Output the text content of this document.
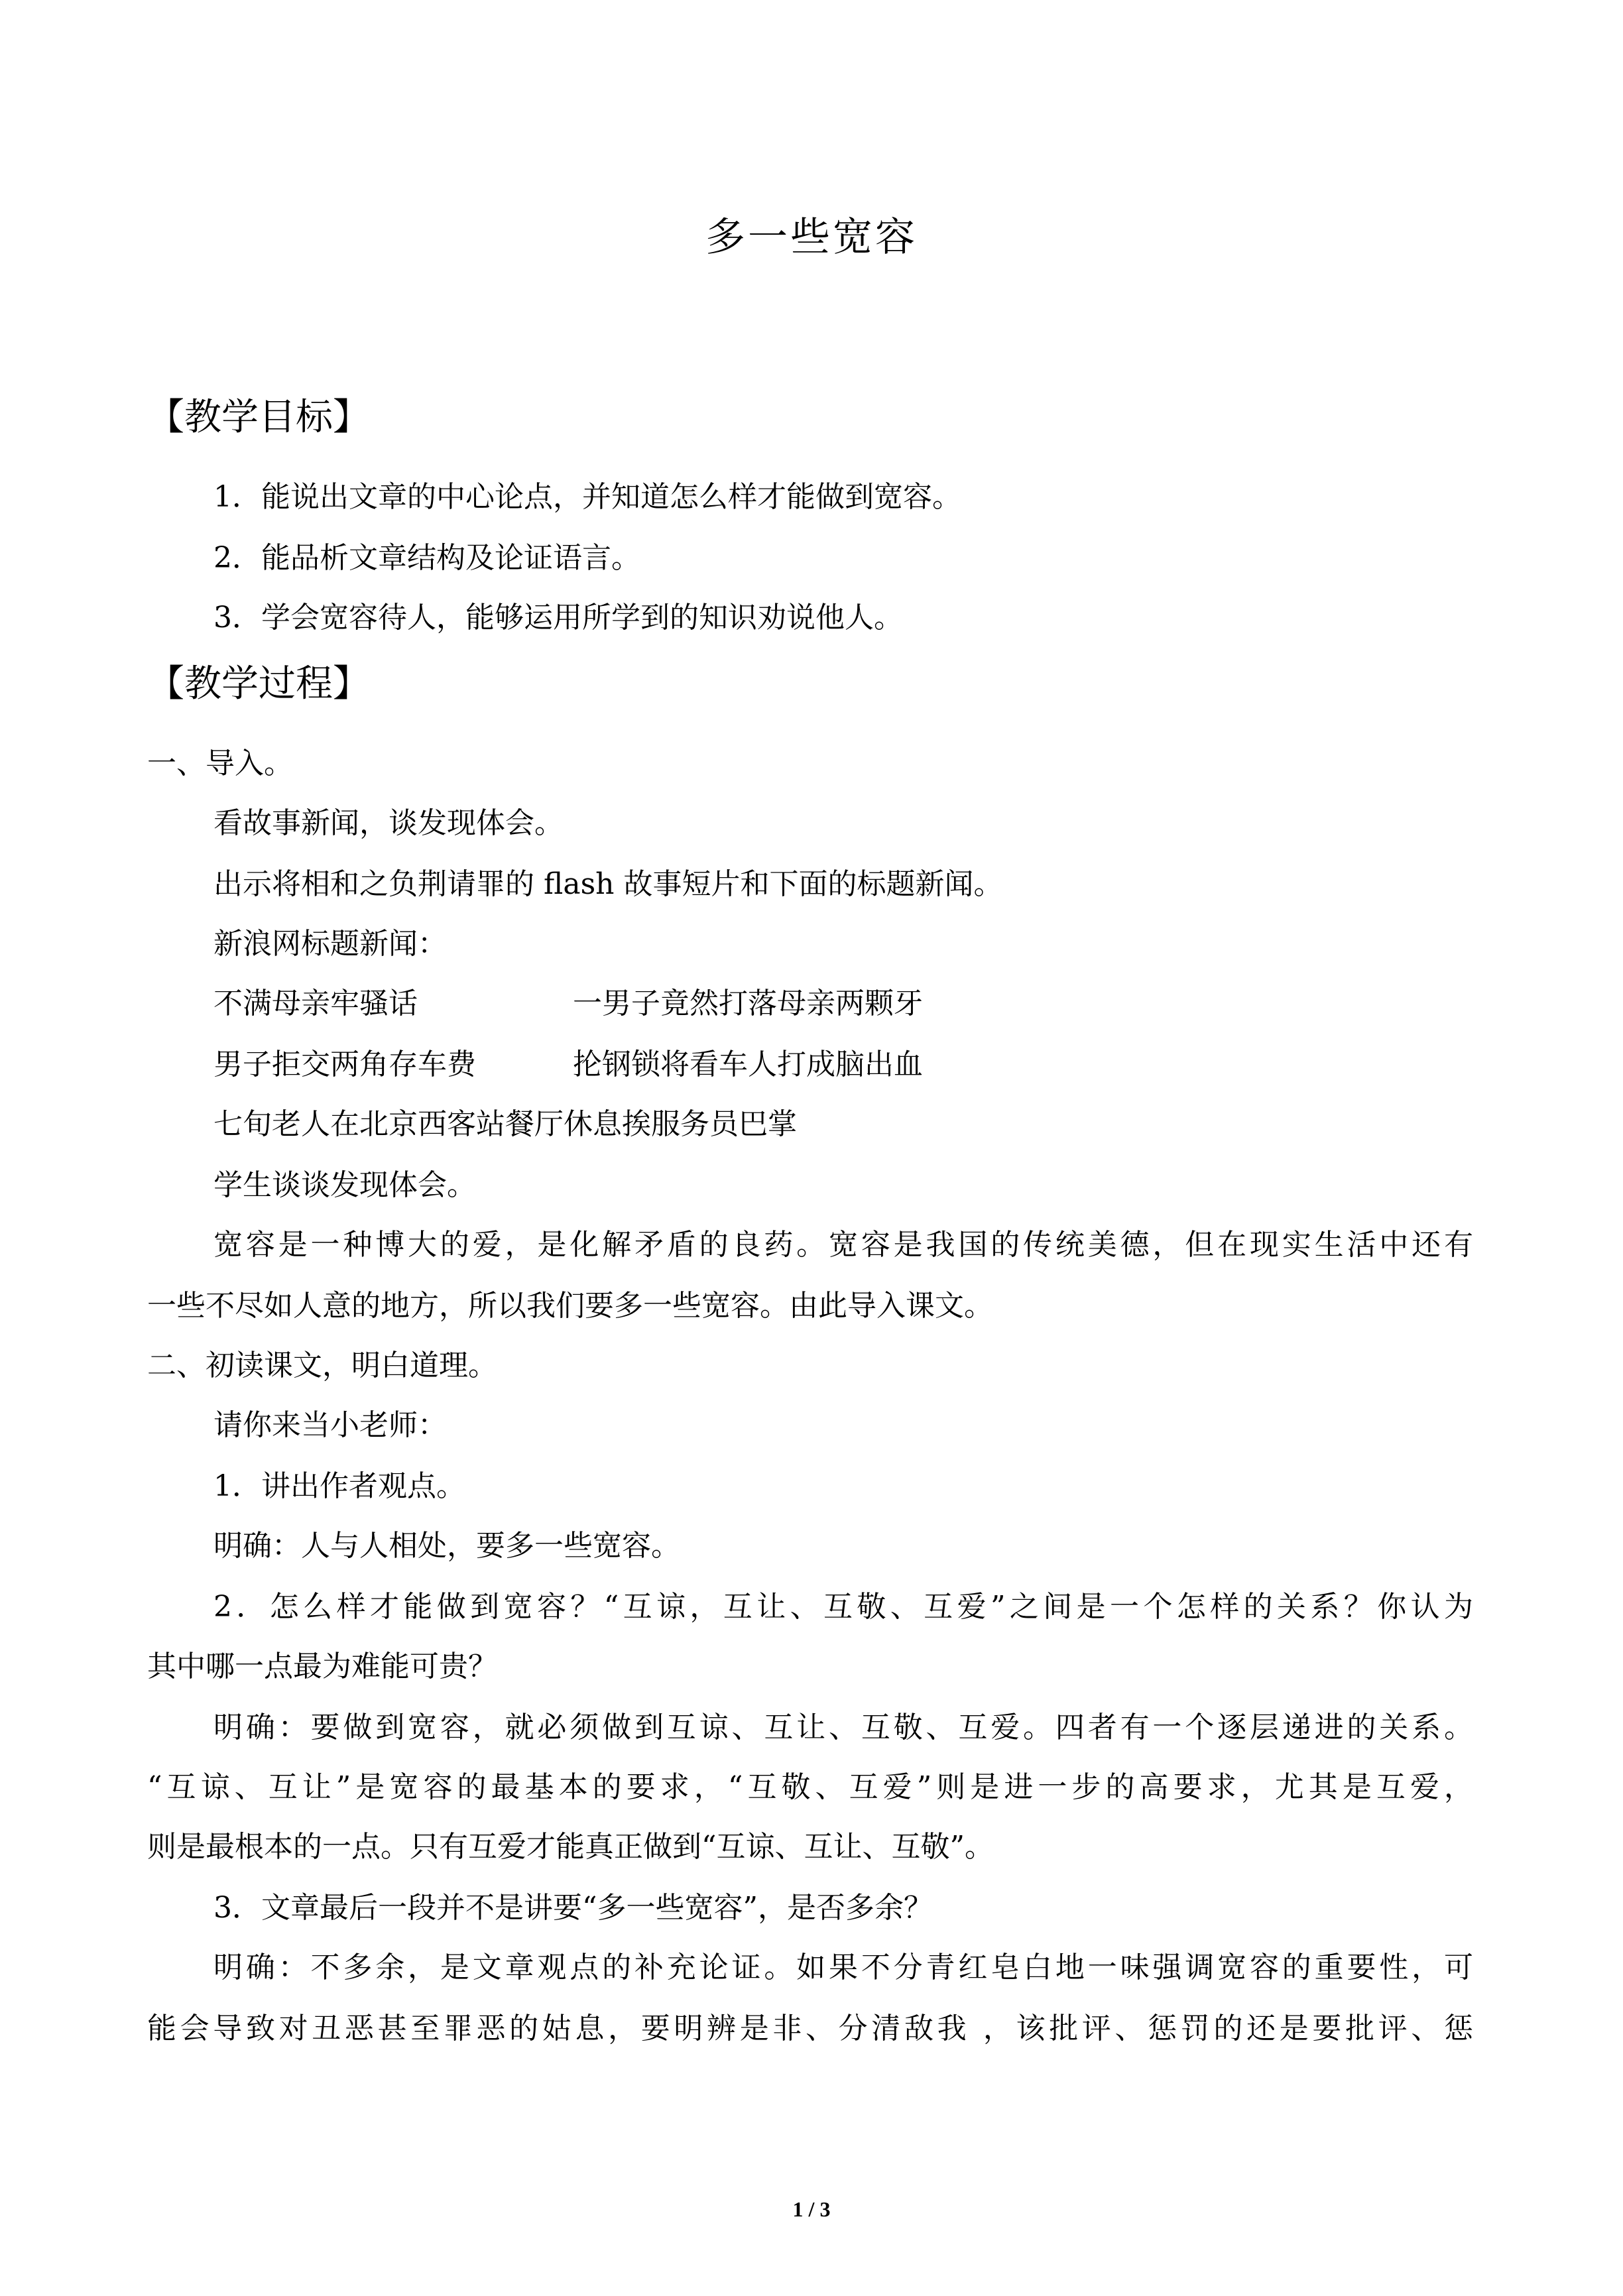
多一些宽容
【教学目标】
1．能说出文章的中心论点，并知道怎么样才能做到宽容。
2．能品析文章结构及论证语言。
3．学会宽容待人，能够运用所学到的知识劝说他人。
【教学过程】
一、导入。
看故事新闻，谈发现体会。
出示将相和之负荆请罪的 flash 故事短片和下面的标题新闻。
新浪网标题新闻：
不满母亲牢骚话	一男子竟然打落母亲两颗牙
男子拒交两角存车费	抡钢锁将看车人打成脑出血
七旬老人在北京西客站餐厅休息挨服务员巴掌
学生谈谈发现体会。
宽容是一种博大的爱，是化解矛盾的良药。宽容是我国的传统美德，但在现实生活中还有
一些不尽如人意的地方，所以我们要多一些宽容。由此导入课文。
二、初读课文，明白道理。
请你来当小老师：
1．讲出作者观点。
明确：人与人相处，要多一些宽容。
2．怎么样才能做到宽容？“互谅，互让、互敬、互爱”之间是一个怎样的关系？你认为
其中哪一点最为难能可贵？
明确：要做到宽容，就必须做到互谅、互让、互敬、互爱。四者有一个逐层递进的关系。
“互谅、互让”是宽容的最基本的要求，“互敬、互爱”则是进一步的高要求，尤其是互爱，
则是最根本的一点。只有互爱才能真正做到“互谅、互让、互敬”。
3．文章最后一段并不是讲要“多一些宽容”，是否多余？
明确：不多余，是文章观点的补充论证。如果不分青红皂白地一味强调宽容的重要性，可
能会导致对丑恶甚至罪恶的姑息，要明辨是非、分清敌我 ，该批评、惩罚的还是要批评、惩
1 / 3
